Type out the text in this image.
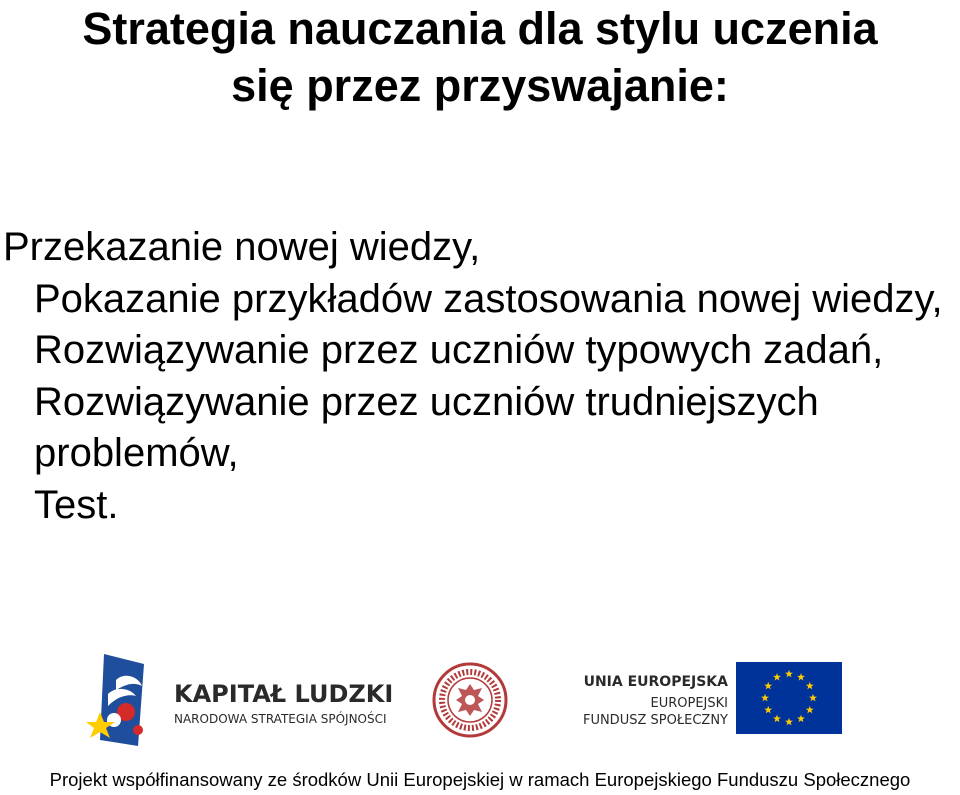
Strategia nauczania dla stylu uczenia
się przez przyswajanie:
Przekazanie nowej wiedzy,
Pokazanie przykładów zastosowania nowej wiedzy,
Rozwiązywanie przez uczniów typowych zadań,
Rozwiązywanie przez uczniów trudniejszych problemów,
Test.
KAPITAŁ LUDZKI
NARODOWA STRATEGIA SPÓJNOŚCI
UNIA EUROPEJSKA
EUROPEJSKI
FUNDUSZ SPOŁECZNY
Projekt współfinansowany ze środków Unii Europejskiej w ramach Europejskiego Funduszu Społecznego
